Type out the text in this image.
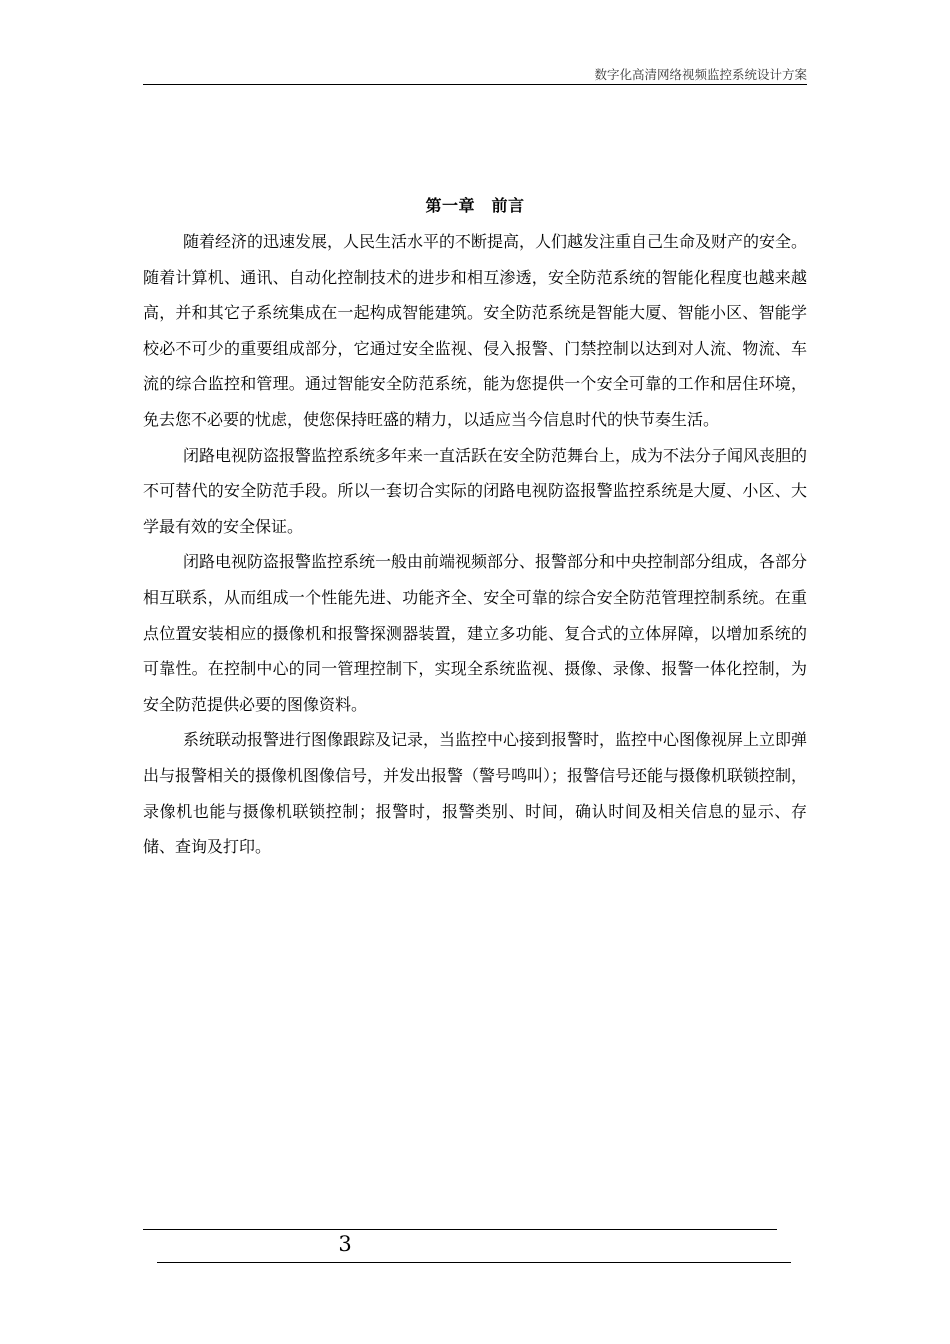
数字化高清网络视频监控系统设计方案
第一章　前言

随着经济的迅速发展，人民生活水平的不断提高，人们越发注重自己生命及财产的安全。随着计算机、通讯、自动化控制技术的进步和相互渗透，安全防范系统的智能化程度也越来越高，并和其它子系统集成在一起构成智能建筑。安全防范系统是智能大厦、智能小区、智能学校必不可少的重要组成部分，它通过安全监视、侵入报警、门禁控制以达到对人流、物流、车流的综合监控和管理。通过智能安全防范系统，能为您提供一个安全可靠的工作和居住环境，免去您不必要的忧虑，使您保持旺盛的精力，以适应当今信息时代的快节奏生活。

闭路电视防盗报警监控系统多年来一直活跃在安全防范舞台上，成为不法分子闻风丧胆的不可替代的安全防范手段。所以一套切合实际的闭路电视防盗报警监控系统是大厦、小区、大学最有效的安全保证。

闭路电视防盗报警监控系统一般由前端视频部分、报警部分和中央控制部分组成，各部分相互联系，从而组成一个性能先进、功能齐全、安全可靠的综合安全防范管理控制系统。在重点位置安装相应的摄像机和报警探测器装置，建立多功能、复合式的立体屏障，以增加系统的可靠性。在控制中心的同一管理控制下，实现全系统监视、摄像、录像、报警一体化控制，为安全防范提供必要的图像资料。

系统联动报警进行图像跟踪及记录，当监控中心接到报警时，监控中心图像视屏上立即弹出与报警相关的摄像机图像信号，并发出报警（警号鸣叫）；报警信号还能与摄像机联锁控制，录像机也能与摄像机联锁控制；报警时，报警类别、时间，确认时间及相关信息的显示、存储、查询及打印。

3
